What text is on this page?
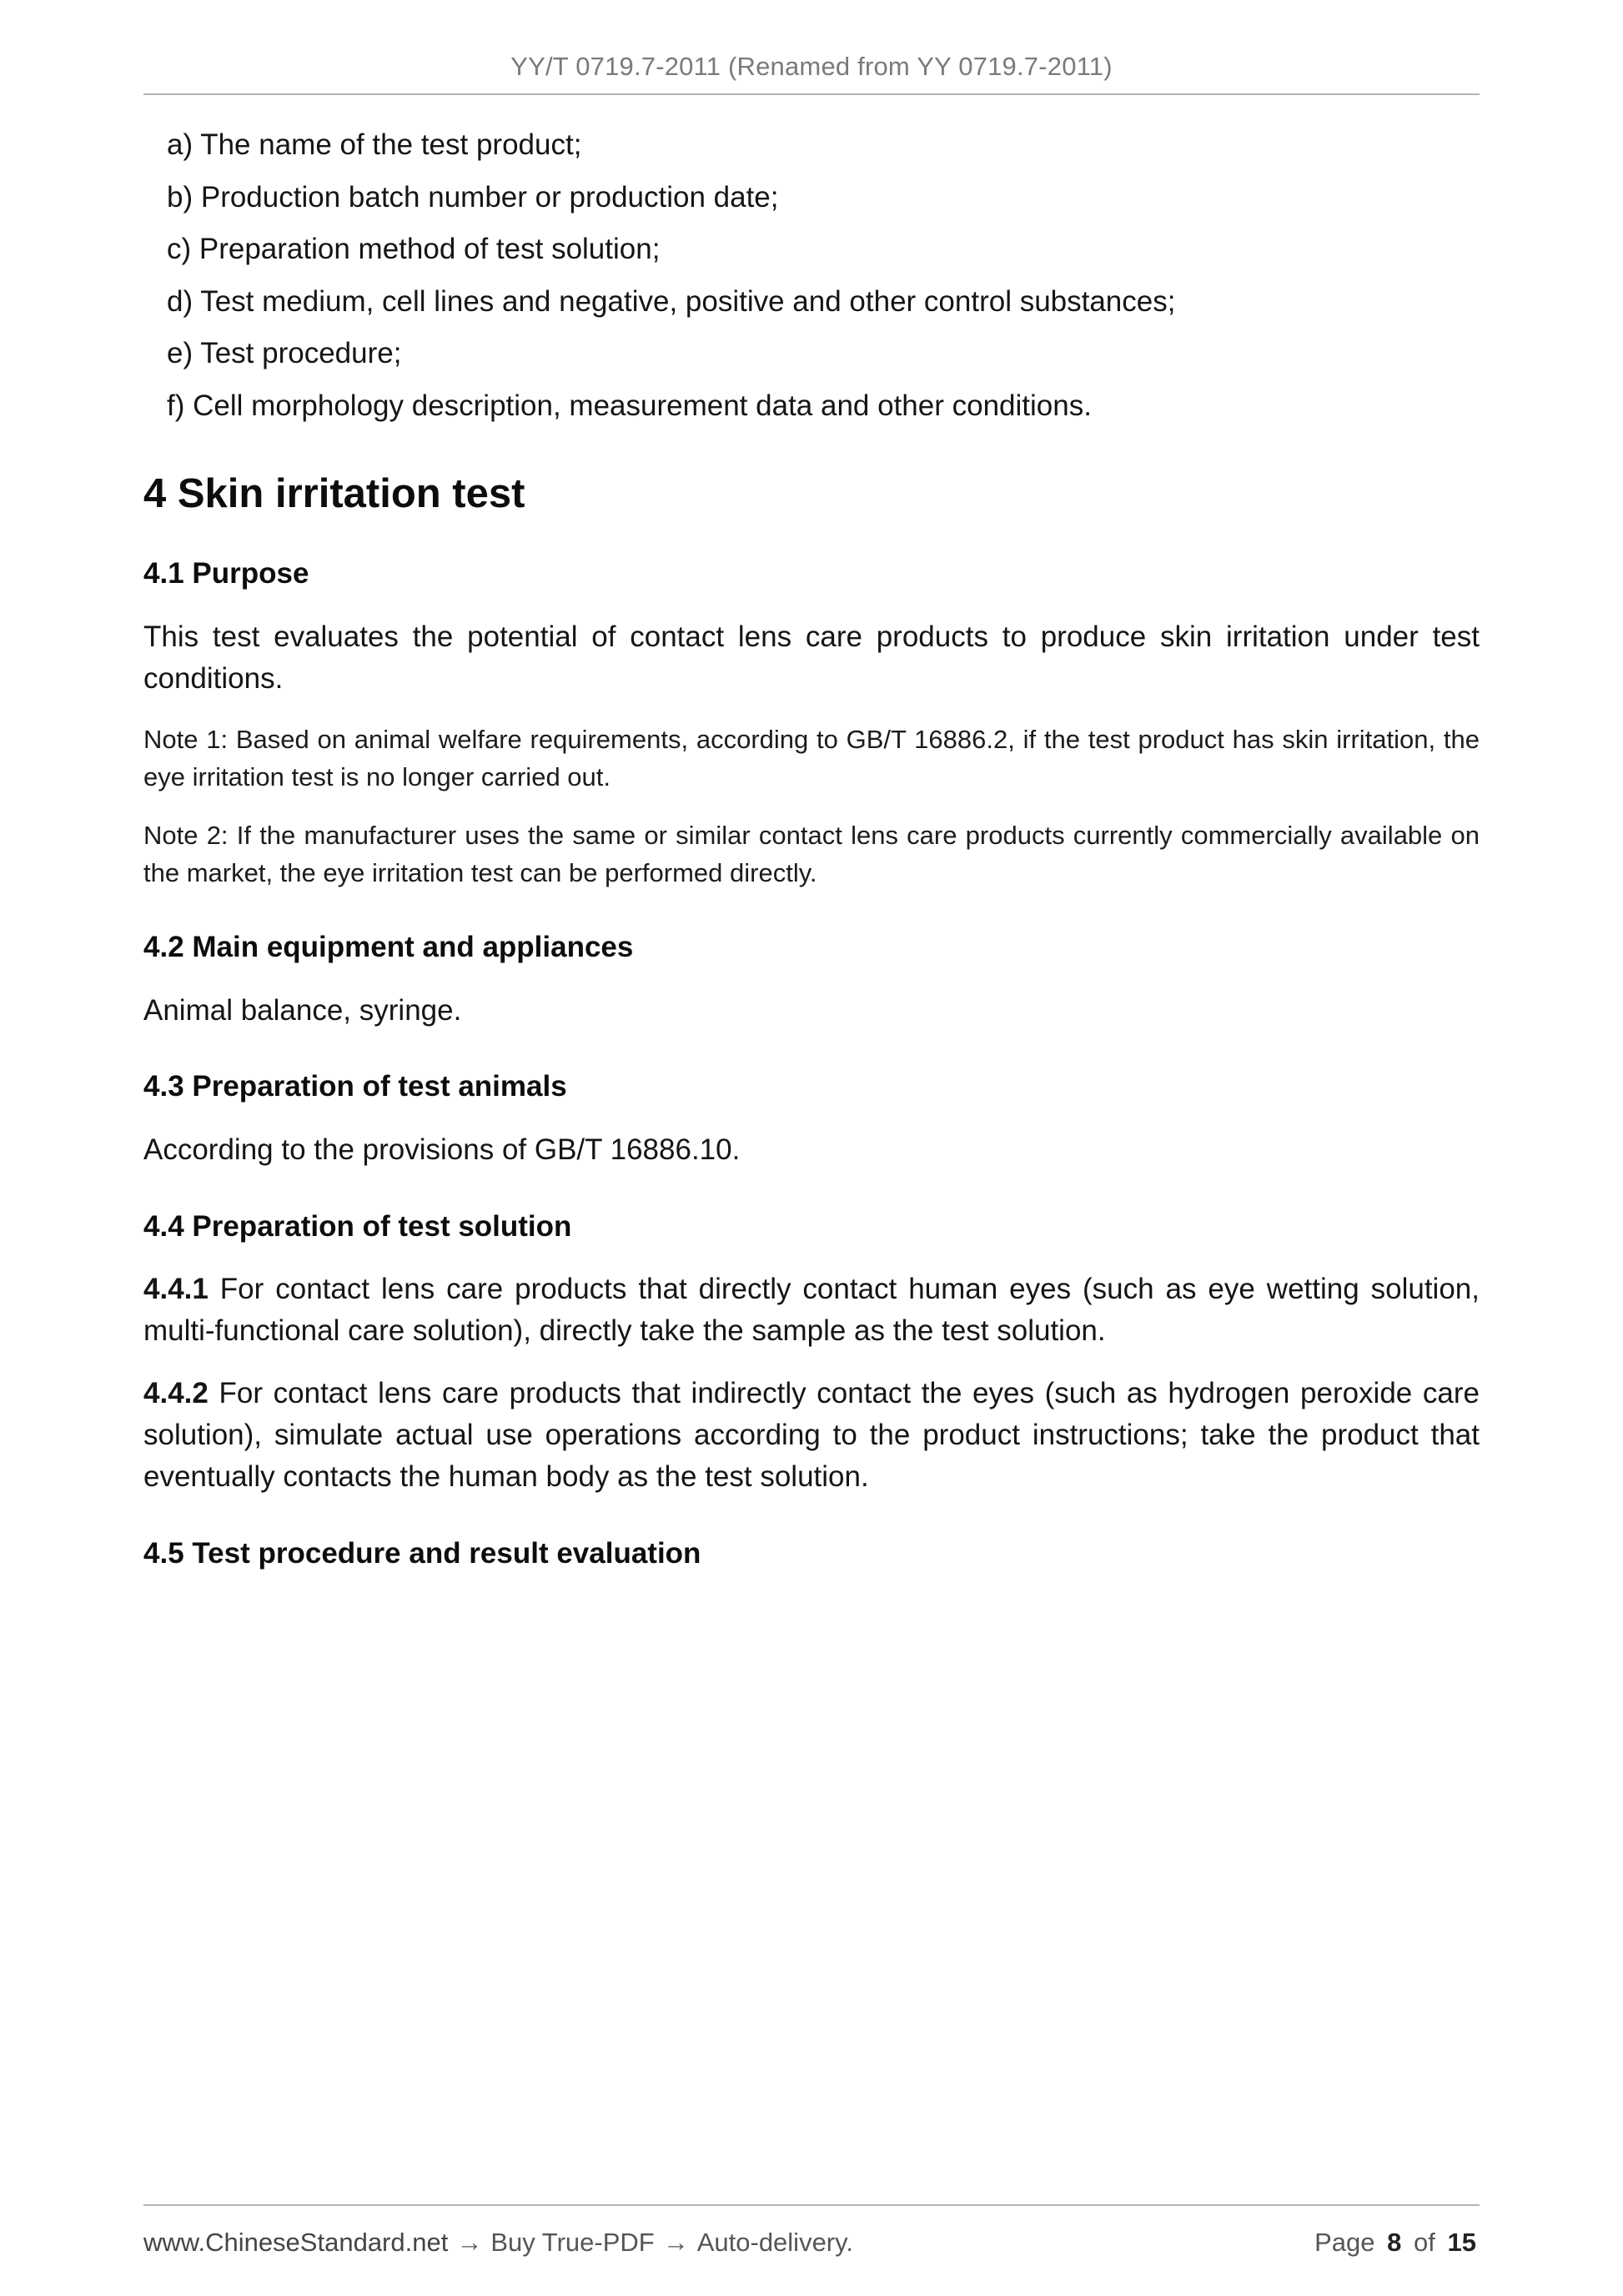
YY/T 0719.7-2011 (Renamed from YY 0719.7-2011)
a) The name of the test product;
b) Production batch number or production date;
c) Preparation method of test solution;
d) Test medium, cell lines and negative, positive and other control substances;
e) Test procedure;
f) Cell morphology description, measurement data and other conditions.
4 Skin irritation test
4.1 Purpose

This test evaluates the potential of contact lens care products to produce skin irritation under test conditions.

Note 1: Based on animal welfare requirements, according to GB/T 16886.2, if the test product has skin irritation, the eye irritation test is no longer carried out.

Note 2: If the manufacturer uses the same or similar contact lens care products currently commercially available on the market, the eye irritation test can be performed directly.

4.2 Main equipment and appliances

Animal balance, syringe.

4.3 Preparation of test animals

According to the provisions of GB/T 16886.10.

4.4 Preparation of test solution

4.4.1 For contact lens care products that directly contact human eyes (such as eye wetting solution, multi-functional care solution), directly take the sample as the test solution.

4.4.2 For contact lens care products that indirectly contact the eyes (such as hydrogen peroxide care solution), simulate actual use operations according to the product instructions; take the product that eventually contacts the human body as the test solution.

4.5 Test procedure and result evaluation
www.ChineseStandard.net → Buy True-PDF → Auto-delivery.	Page 8 of 15
